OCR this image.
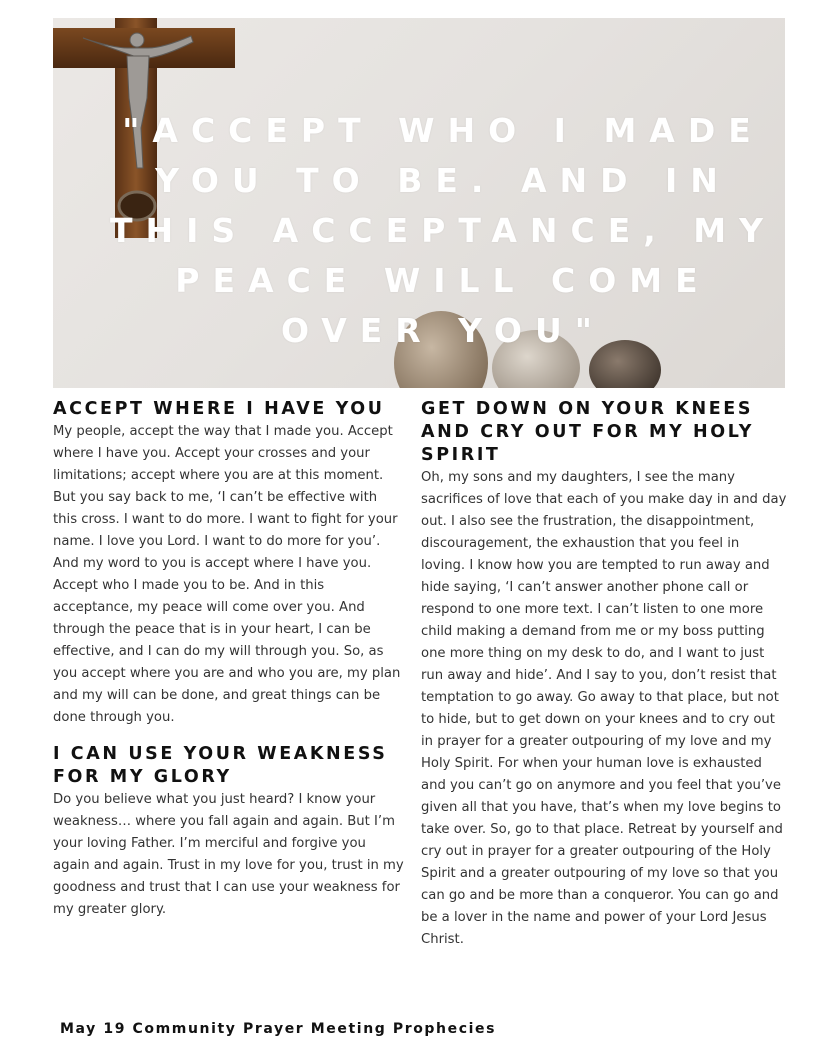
"ACCEPT WHO I MADE YOU TO BE. AND IN THIS ACCEPTANCE, MY PEACE WILL COME OVER YOU"
ACCEPT WHERE I HAVE YOU

My people, accept the way that I made you. Accept where I have you. Accept your crosses and your limitations; accept where you are at this moment.
But you say back to me, ‘I can’t be effective with this cross. I want to do more. I want to fight for your name. I love you Lord. I want to do more for you’.
And my word to you is accept where I have you. Accept who I made you to be. And in this acceptance, my peace will come over you. And through the peace that is in your heart, I can be effective, and I can do my will through you. So, as you accept where you are and who you are, my plan and my will can be done, and great things can be done through you.

I CAN USE YOUR WEAKNESS FOR MY GLORY

Do you believe what you just heard? I know your weakness… where you fall again and again. But I’m your loving Father. I’m merciful and forgive you again and again. Trust in my love for you, trust in my goodness and trust that I can use your weakness for my greater glory.

GET DOWN ON YOUR KNEES AND CRY OUT FOR MY HOLY SPIRIT

Oh, my sons and my daughters, I see the many sacrifices of love that each of you make day in and day out. I also see the frustration, the disappointment, discouragement, the exhaustion that you feel in loving. I know how you are tempted to run away and hide saying, ‘I can’t answer another phone call or respond to one more text. I can’t listen to one more child making a demand from me or my boss putting one more thing on my desk to do, and I want to just run away and hide’. And I say to you, don’t resist that temptation to go away. Go away to that place, but not to hide, but to get down on your knees and to cry out in prayer for a greater outpouring of my love and my Holy Spirit. For when your human love is exhausted and you can’t go on anymore and you feel that you’ve given all that you have, that’s when my love begins to take over. So, go to that place. Retreat by yourself and cry out in prayer for a greater outpouring of the Holy Spirit and a greater outpouring of my love so that you can go and be more than a conqueror. You can go and be a lover in the name and power of your Lord Jesus Christ.

May 19 Community Prayer Meeting Prophecies
